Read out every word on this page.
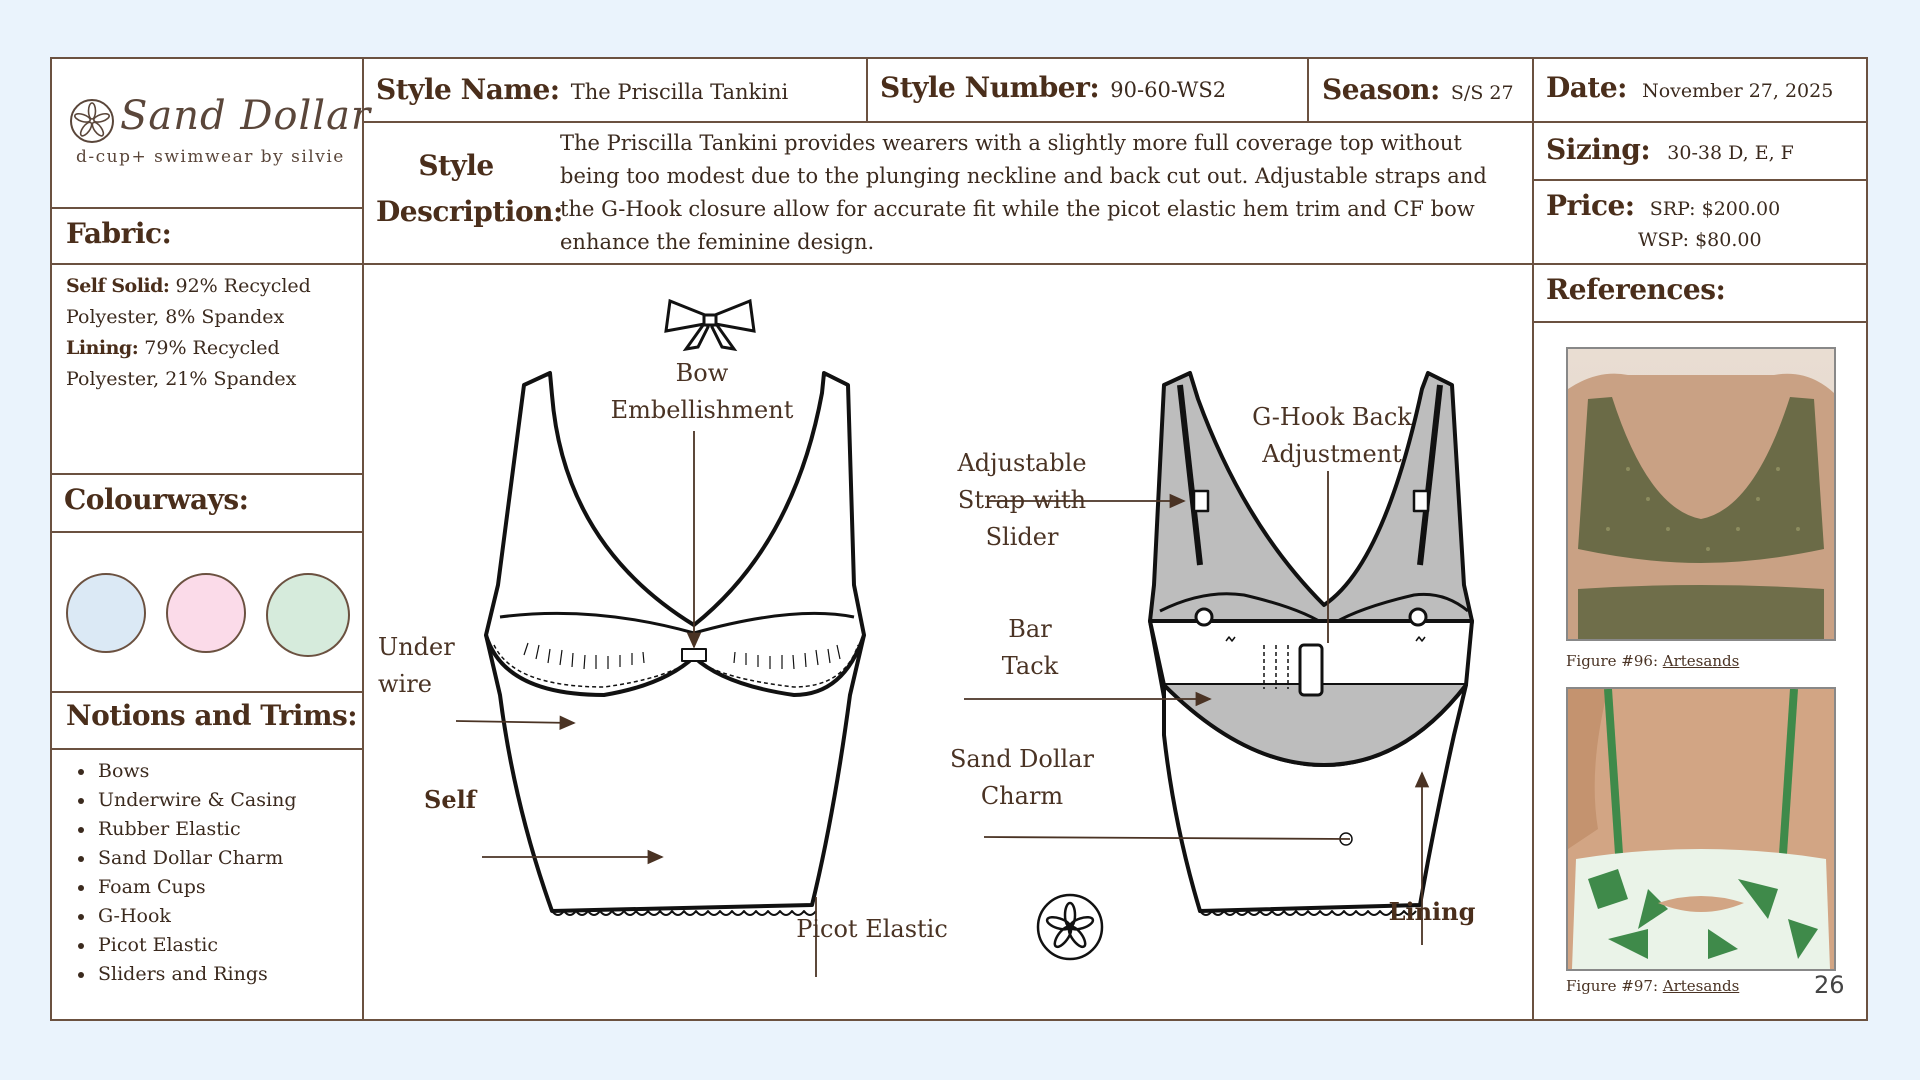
Sand Dollar
d-cup+ swimwear by silvie
Style Name: The Priscilla Tankini	Style Number: 90-60-WS2	Season: S/S 27 Date: November 27, 2025
Sizing: 30-38 D, E, F
Price: SRP: $200.00
WSP: $80.00
Style
Description:
The Priscilla Tankini provides wearers with a slightly more full coverage top without being too modest due to the plunging neckline and back cut out. Adjustable straps and the G-Hook closure allow for accurate fit while the picot elastic hem trim and CF bow enhance the feminine design.
Fabric:
Self Solid: 92% Recycled Polyester, 8% Spandex
Lining: 79% Recycled Polyester, 21% Spandex
Colourways:
Notions and Trims:
• Bows
• Underwire & Casing
• Rubber Elastic
• Sand Dollar Charm
• Foam Cups
• G-Hook
• Picot Elastic
• Sliders and Rings
Bow
Embellishment
Under
wire
Self
Picot Elastic
Adjustable
Strap with
Slider
G-Hook Back
Adjustment
Bar
Tack
Sand Dollar
Charm
Lining
References:
Figure #96: Artesands
Figure #97: Artesands	26
